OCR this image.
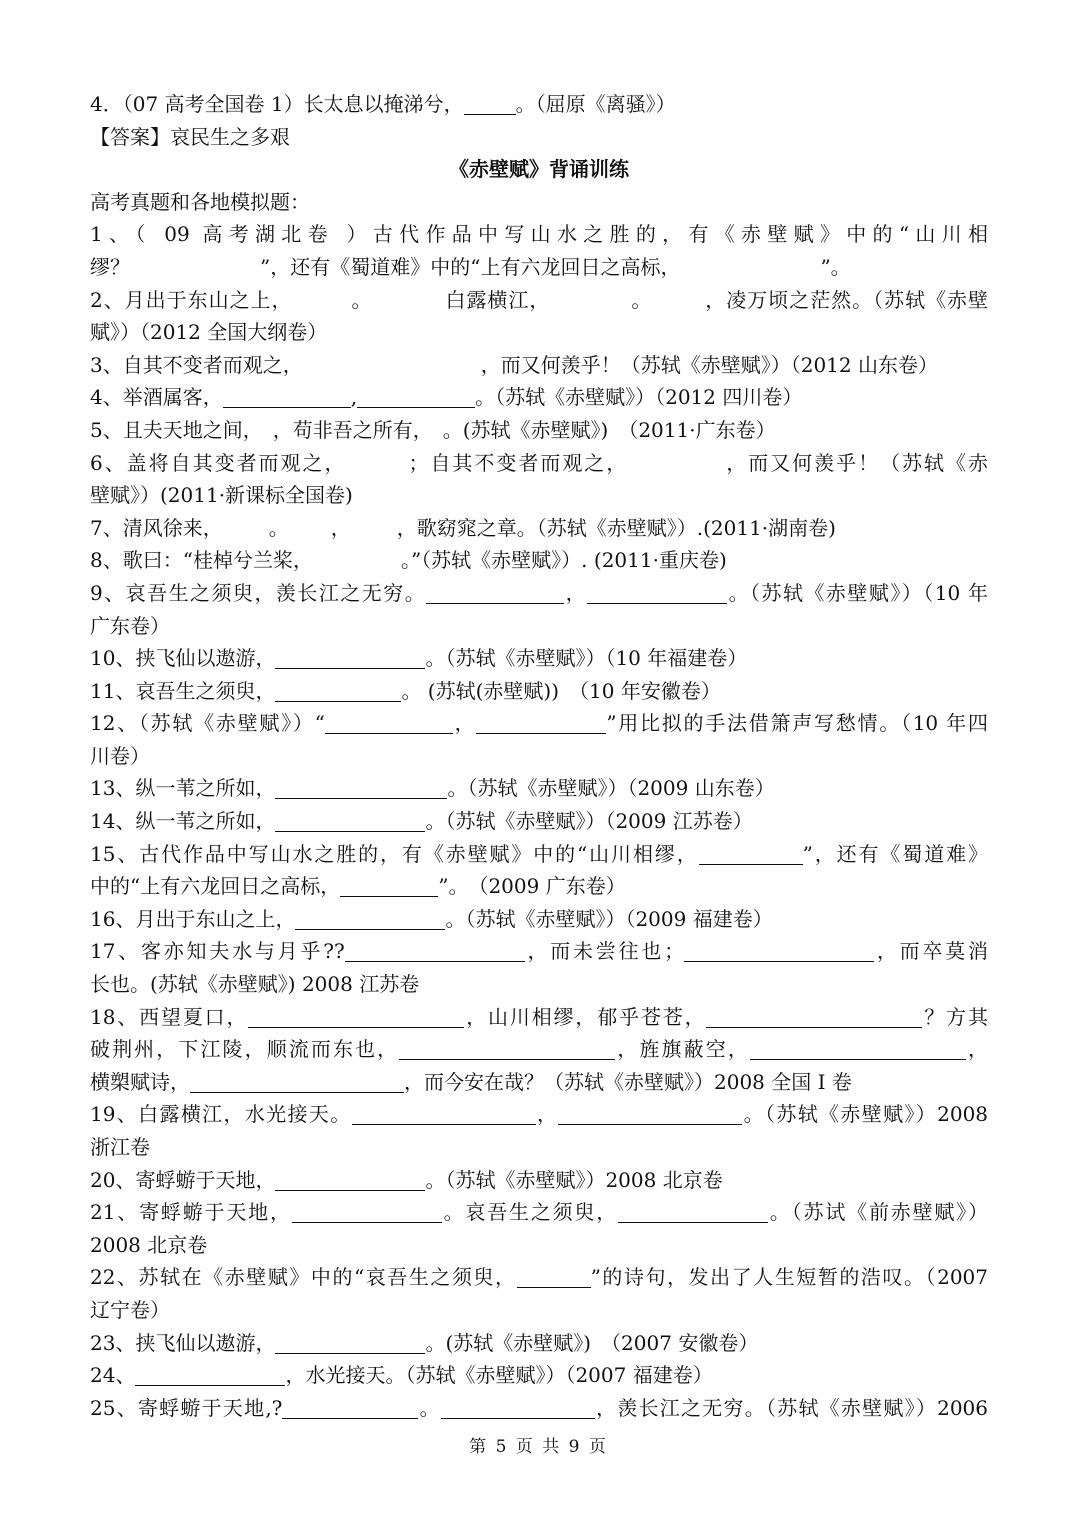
4．（07 高考全国卷 1）长太息以掩涕兮，	。（屈原《离骚》）
【答案】哀民生之多艰
《赤壁赋》背诵训练
高考真题和各地模拟题：
1、（ 09 高考湖北卷 ）古代作品中写山水之胜的，有《赤壁赋》中的“山川相
缪？	”，还有《蜀道难》中的“上有六龙回日之高标，	”。
2、月出于东山之上，	。	白露横江，	。	，凌万顷之茫然。（苏轼《赤壁
赋》）（2012 全国大纲卷）
3、自其不变者而观之，	，而又何羡乎！（苏轼《赤壁赋》）（2012 山东卷）
4、举酒属客，	,	。（苏轼《赤壁赋》）（2012 四川卷）
5、且夫天地之间，　，苟非吾之所有，　。(苏轼《赤壁赋》)　（2011·广东卷）
6、盖将自其变者而观之，	；自其不变者而观之，	，而又何羡乎！（苏轼《赤
壁赋》）(2011·新课标全国卷)
7、清风徐来， 。 ， ，歌窈窕之章。（苏轼《赤壁赋》）.(2011·湖南卷)
8、歌曰：“桂棹兮兰桨，	。”（苏轼《赤壁赋》）. (2011·重庆卷)
9、哀吾生之须臾，羡长江之无穷。	，	。（苏轼《赤壁赋》）（10 年
广东卷）
10、挟飞仙以遨游，	。（苏轼《赤壁赋》）（10 年福建卷）
11、哀吾生之须臾，	。 (苏轼(赤壁赋))　（10 年安徽卷）
12、（苏轼《赤壁赋》）“	，	”用比拟的手法借箫声写愁情。（10 年四
川卷）
13、纵一苇之所如，	。（苏轼《赤壁赋》）（2009 山东卷）
14、纵一苇之所如，	。（苏轼《赤壁赋》）（2009 江苏卷）
15、古代作品中写山水之胜的，有《赤壁赋》中的“山川相缪，	”，还有《蜀道难》
中的“上有六龙回日之高标，	”。　（2009 广东卷）
16、月出于东山之上，	。（苏轼《赤壁赋》）（2009 福建卷）
17、客亦知夫水与月乎??	，而未尝往也；	，而卒莫消
长也。(苏轼《赤壁赋》) 2008 江苏卷
18、西望夏口，	，山川相缪，郁乎苍苍，	？方其
破荆州，下江陵，顺流而东也，	，旌旗蔽空，	，
横槊赋诗，	，而今安在哉？（苏轼《赤壁赋》）2008 全国 I 卷
19、白露横江，水光接天。	，	。（苏轼《赤壁赋》）2008
浙江卷
20、寄蜉蝣于天地，	。（苏轼《赤壁赋》）2008 北京卷
21、寄蜉蝣于天地，	。哀吾生之须臾，	。（苏试《前赤壁赋》）
2008 北京卷
22、苏轼在《赤壁赋》中的“哀吾生之须臾，	”的诗句，发出了人生短暂的浩叹。（2007
辽宁卷）
23、挟飞仙以遨游，	。(苏轼《赤壁赋》)　（2007 安徽卷）
24、	，水光接天。（苏轼《赤壁赋》）（2007 福建卷）
25、寄蜉蝣于天地,?	。	，羡长江之无穷。（苏轼《赤壁赋》）2006
第 5 页 共 9 页
